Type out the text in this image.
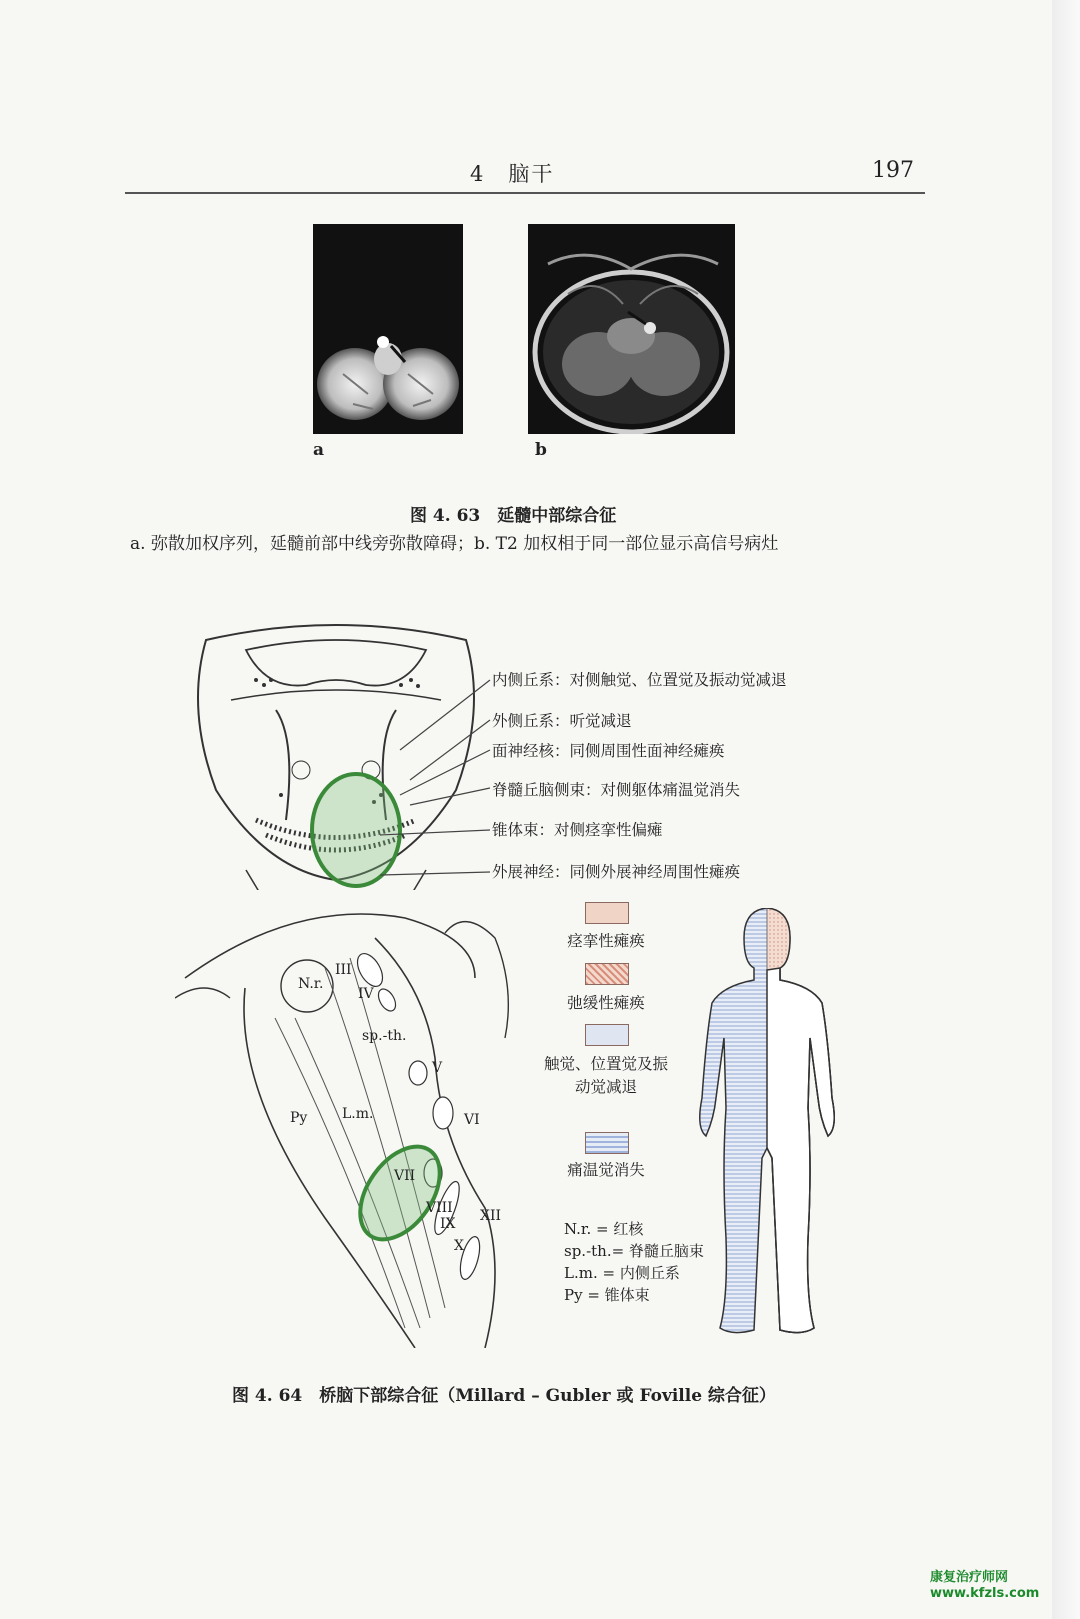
4　脑干	197
a	b
图 4. 63　延髓中部综合征
a. 弥散加权序列，延髓前部中线旁弥散障碍；b. T2 加权相于同一部位显示高信号病灶
内侧丘系：对侧触觉、位置觉及振动觉减退
外侧丘系：听觉减退
面神经核：同侧周围性面神经瘫痪
脊髓丘脑侧束：对侧躯体痛温觉消失
锥体束：对侧痉挛性偏瘫
外展神经：同侧外展神经周围性瘫痪
N.r.
III
IV
sp.-th.
V
Py L.m.	VI
VII
VIII
IX XII
X
痉挛性瘫痪
弛缓性瘫痪
触觉、位置觉及振动觉减退
痛温觉消失
N.r. = 红核
sp.-th.= 脊髓丘脑束
L.m. = 内侧丘系
Py = 锥体束
图 4. 64　桥脑下部综合征（Millard – Gubler 或 Foville 综合征）
康复治疗师网
www.kfzls.com
